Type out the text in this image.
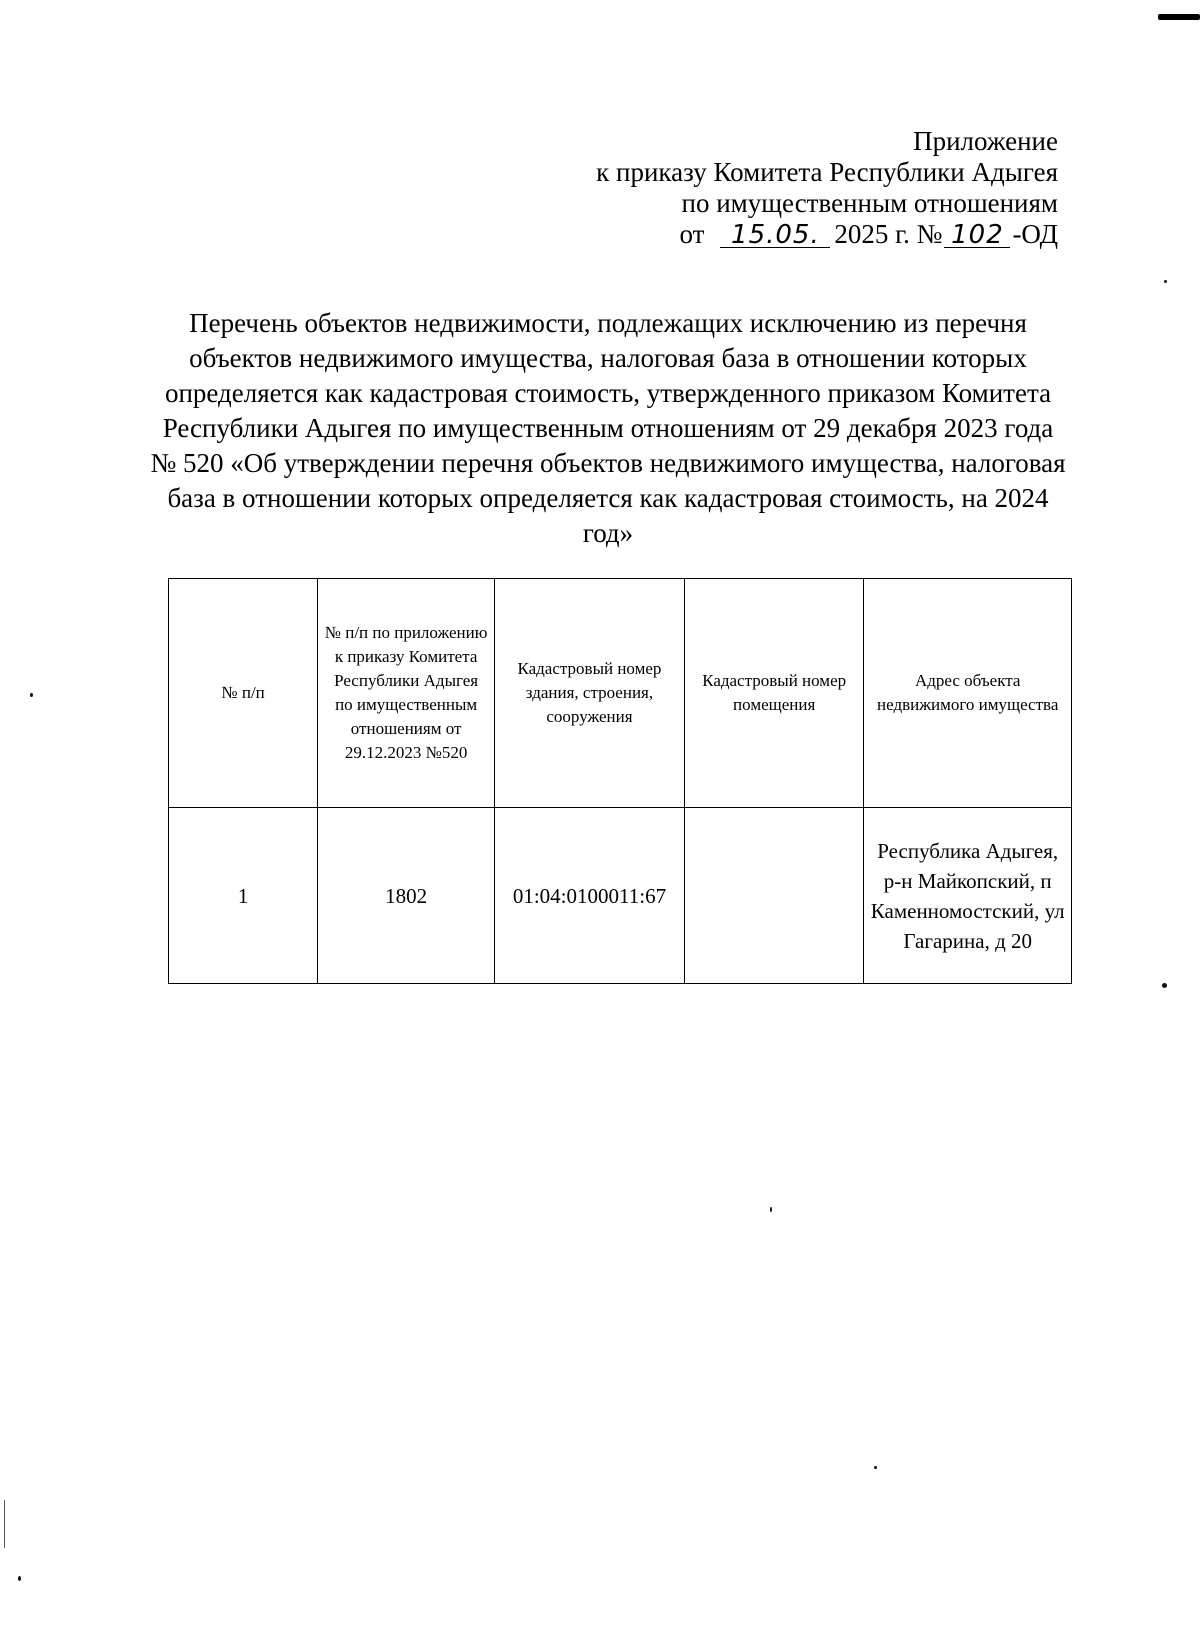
Приложение
к приказу Комитета Республики Адыгея
по имущественным отношениям
от 15.05. 2025 г. № 102 -ОД
Перечень объектов недвижимости, подлежащих исключению из перечня объектов недвижимого имущества, налоговая база в отношении которых определяется как кадастровая стоимость, утвержденного приказом Комитета Республики Адыгея по имущественным отношениям от 29 декабря 2023 года № 520 «Об утверждении перечня объектов недвижимого имущества, налоговая база в отношении которых определяется как кадастровая стоимость, на 2024 год»
№ п/п	№ п/п по приложению к приказу Комитета Республики Адыгея по имущественным отношениям от 29.12.2023 №520	Кадастровый номер здания, строения, сооружения	Кадастровый номер помещения	Адрес объекта недвижимого имущества
1	1802	01:04:0100011:67		Республика Адыгея, р-н Майкопский, п Каменномостский, ул Гагарина, д 20
